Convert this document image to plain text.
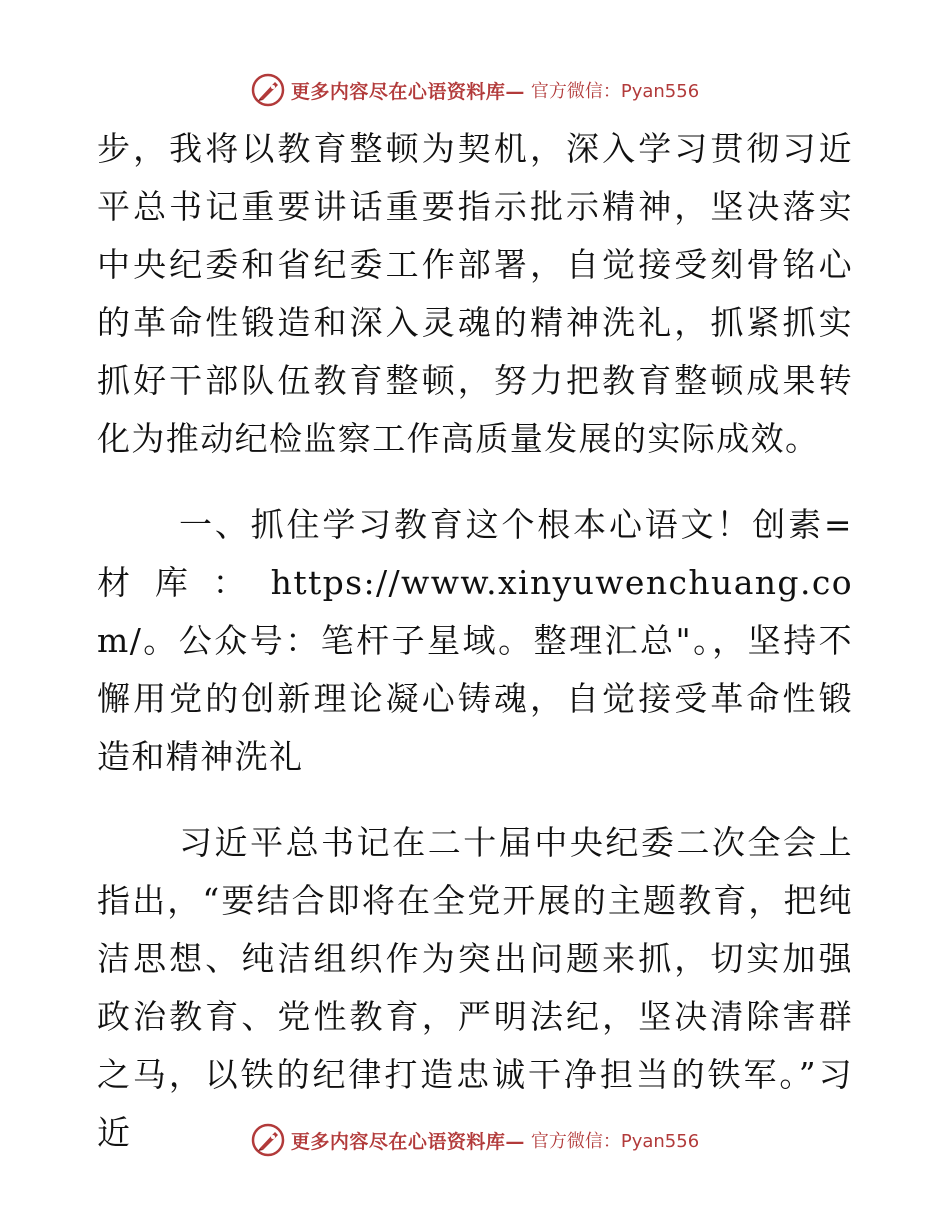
更多内容尽在心语资料库— 官方微信：Pyan556

步，我将以教育整顿为契机，深入学习贯彻习近平总书记重要讲话重要指示批示精神，坚决落实中央纪委和省纪委工作部署，自觉接受刻骨铭心的革命性锻造和深入灵魂的精神洗礼，抓紧抓实抓好干部队伍教育整顿，努力把教育整顿成果转化为推动纪检监察工作高质量发展的实际成效。

一、抓住学习教育这个根本心语文！创素=材库：https://www.xinyuwenchuang.com/。公众号：笔杆子星域。整理汇总"。，坚持不懈用党的创新理论凝心铸魂，自觉接受革命性锻造和精神洗礼

习近平总书记在二十届中央纪委二次全会上指出，“要结合即将在全党开展的主题教育，把纯洁思想、纯洁组织作为突出问题来抓，切实加强政治教育、党性教育，严明法纪，坚决清除害群之马，以铁的纪律打造忠诚干净担当的铁军。”习近	更多内容尽在心语资料库— 官方微信：Pyan556
